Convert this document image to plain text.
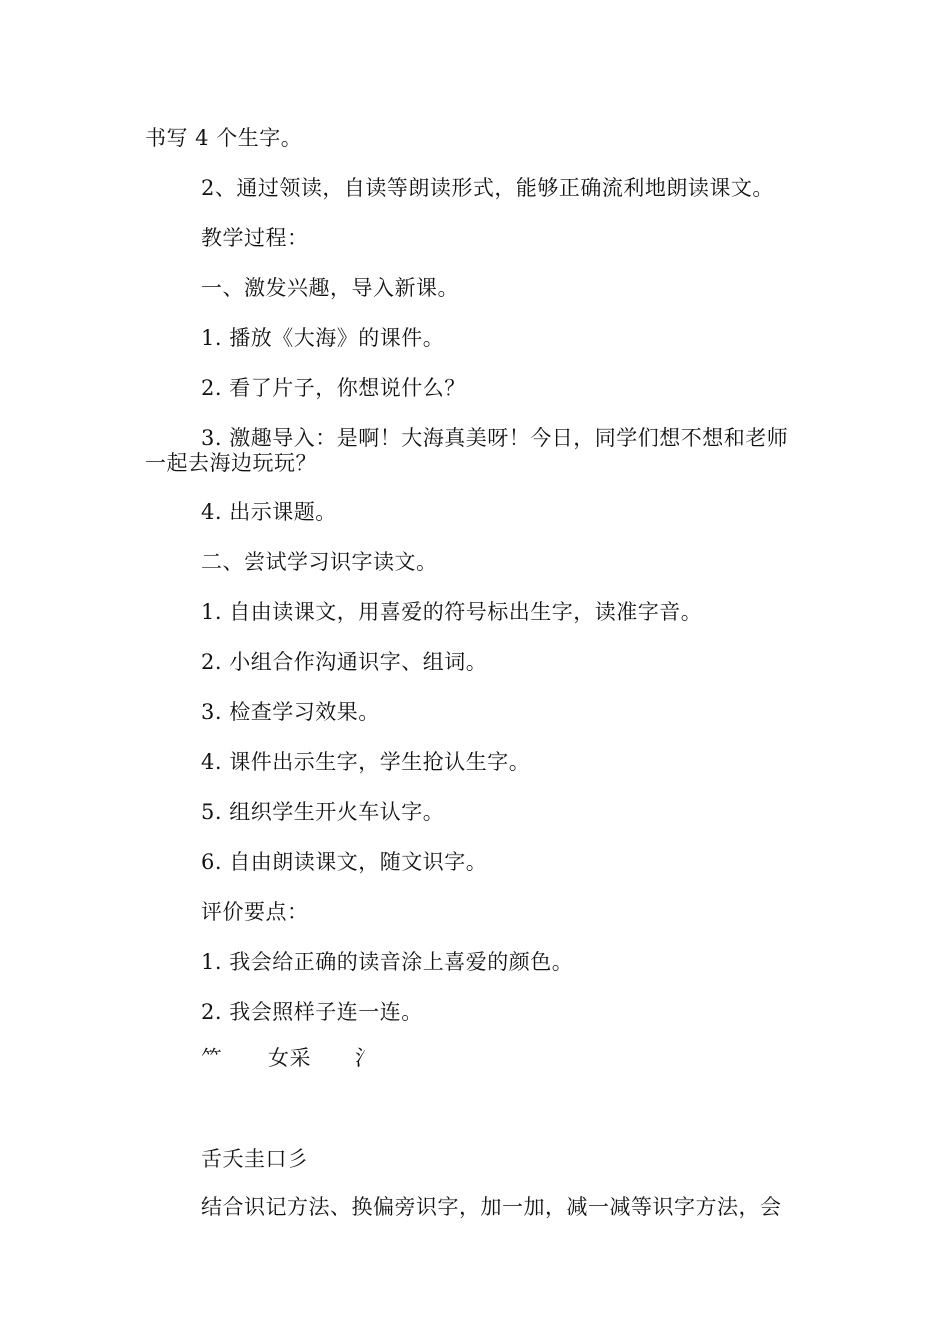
书写 4 个生字。
2、通过领读，自读等朗读形式，能够正确流利地朗读课文。
教学过程：
一、激发兴趣，导入新课。
1. 播放《大海》的课件。
2. 看了片子，你想说什么？
3. 激趣导入：是啊！大海真美呀！今日，同学们想不想和老师
一起去海边玩玩？
4. 出示课题。
二、尝试学习识字读文。
1. 自由读课文，用喜爱的符号标出生字，读准字音。
2. 小组合作沟通识字、组词。
3. 检查学习效果。
4. 课件出示生字，学生抢认生字。
5. 组织学生开火车认字。
6. 自由朗读课文，随文识字。
评价要点：
1. 我会给正确的读音涂上喜爱的颜色。
2. 我会照样子连一连。
⺮ 女采 氵
舌夭圭口彡
结合识记方法、换偏旁识字，加一加，减一减等识字方法，会
